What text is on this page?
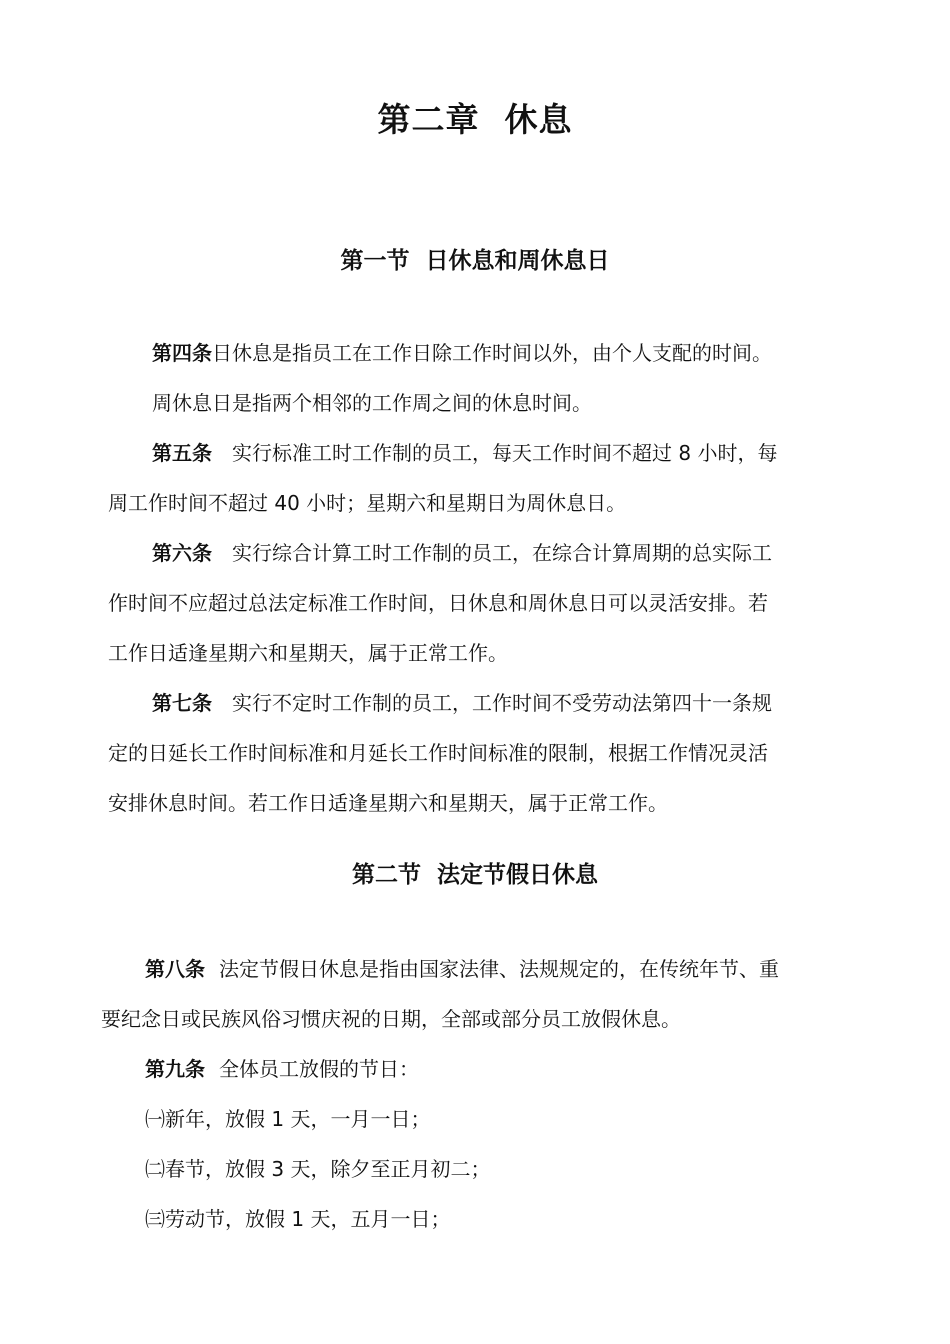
第二章  休息
第一节  日休息和周休息日
第四条日休息是指员工在工作日除工作时间以外，由个人支配的时间。
周休息日是指两个相邻的工作周之间的休息时间。
第五条 实行标准工时工作制的员工，每天工作时间不超过 8 小时，每
周工作时间不超过 40 小时；星期六和星期日为周休息日。
第六条 实行综合计算工时工作制的员工，在综合计算周期的总实际工
作时间不应超过总法定标准工作时间，日休息和周休息日可以灵活安排。若
工作日适逢星期六和星期天，属于正常工作。
第七条 实行不定时工作制的员工，工作时间不受劳动法第四十一条规
定的日延长工作时间标准和月延长工作时间标准的限制，根据工作情况灵活
安排休息时间。若工作日适逢星期六和星期天，属于正常工作。
第二节  法定节假日休息
第八条 法定节假日休息是指由国家法律、法规规定的，在传统年节、重
要纪念日或民族风俗习惯庆祝的日期，全部或部分员工放假休息。
第九条 全体员工放假的节日：
㈠新年，放假 1 天，一月一日；
㈡春节，放假 3 天，除夕至正月初二；
㈢劳动节，放假 1 天，五月一日；
